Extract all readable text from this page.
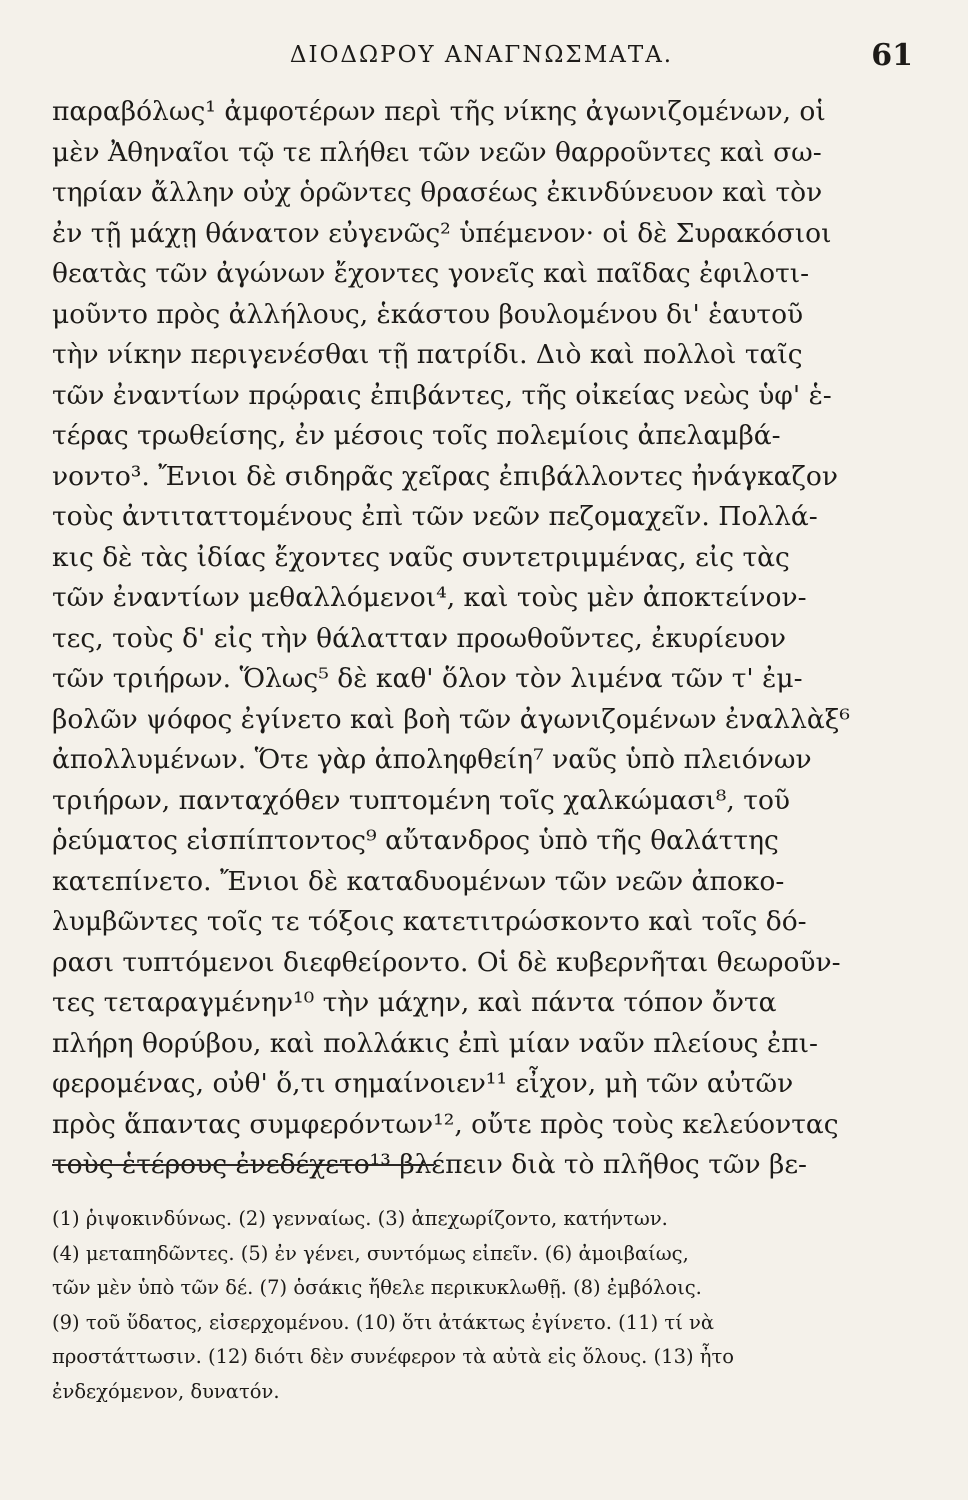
ΔΙΟΔΩΡΟΥ ΑΝΑΓΝΩΣΜΑΤΑ.	61
παραβόλως¹ ἀμφοτέρων περὶ τῆς νίκης ἀγωνιζομένων, οἱ
μὲν Ἀθηναῖοι τῷ τε πλήθει τῶν νεῶν θαρροῦντες καὶ σω-
τηρίαν ἄλλην οὐχ ὁρῶντες θρασέως ἐκινδύνευον καὶ τὸν
ἐν τῇ μάχῃ θάνατον εὐγενῶς² ὑπέμενον· οἱ δὲ Συρακόσιοι
θεατὰς τῶν ἀγώνων ἔχοντες γονεῖς καὶ παῖδας ἐφιλοτι-
μοῦντο πρὸς ἀλλήλους, ἑκάστου βουλομένου δι' ἑαυτοῦ
τὴν νίκην περιγενέσθαι τῇ πατρίδι. Διὸ καὶ πολλοὶ ταῖς
τῶν ἐναντίων πρῴραις ἐπιβάντες, τῆς οἰκείας νεὼς ὑφ' ἑ-
τέρας τρωθείσης, ἐν μέσοις τοῖς πολεμίοις ἀπελαμβά-
νοντο³. Ἔνιοι δὲ σιδηρᾶς χεῖρας ἐπιβάλλοντες ἠνάγκαζον
τοὺς ἀντιταττομένους ἐπὶ τῶν νεῶν πεζομαχεῖν. Πολλά-
κις δὲ τὰς ἰδίας ἔχοντες ναῦς συντετριμμένας, εἰς τὰς
τῶν ἐναντίων μεθαλλόμενοι⁴, καὶ τοὺς μὲν ἀποκτείνον-
τες, τοὺς δ' εἰς τὴν θάλατταν προωθοῦντες, ἐκυρίευον
τῶν τριήρων. Ὅλως⁵ δὲ καθ' ὅλον τὸν λιμένα τῶν τ' ἐμ-
βολῶν ψόφος ἐγίνετο καὶ βοὴ τῶν ἀγωνιζομένων ἐναλλὰξ⁶
ἀπολλυμένων. Ὅτε γὰρ ἀποληφθείη⁷ ναῦς ὑπὸ πλειόνων
τριήρων, πανταχόθεν τυπτομένη τοῖς χαλκώμασι⁸, τοῦ
ῥεύματος εἰσπίπτοντος⁹ αὔτανδρος ὑπὸ τῆς θαλάττης
κατεπίνετο. Ἔνιοι δὲ καταδυομένων τῶν νεῶν ἀποκο-
λυμβῶντες τοῖς τε τόξοις κατετιτρώσκοντο καὶ τοῖς δό-
ρασι τυπτόμενοι διεφθείροντο. Οἱ δὲ κυβερνῆται θεωροῦν-
τες τεταραγμένην¹⁰ τὴν μάχην, καὶ πάντα τόπον ὄντα
πλήρη θορύβου, καὶ πολλάκις ἐπὶ μίαν ναῦν πλείους ἐπι-
φερομένας, οὐθ' ὅ,τι σημαίνοιεν¹¹ εἶχον, μὴ τῶν αὐτῶν
πρὸς ἅπαντας συμφερόντων¹², οὔτε πρὸς τοὺς κελεύοντας
τοὺς ἑτέρους ἐνεδέχετο¹³ βλέπειν διὰ τὸ πλῆθος τῶν βε-
(1) ῥιψοκινδύνως. (2) γενναίως. (3) ἀπεχωρίζοντο, κατήντων.
(4) μεταπηδῶντες. (5) ἐν γένει, συντόμως εἰπεῖν. (6) ἀμοιβαίως,
τῶν μὲν ὑπὸ τῶν δέ. (7) ὁσάκις ἤθελε περικυκλωθῇ. (8) ἐμβόλοις.
(9) τοῦ ὕδατος, εἰσερχομένου. (10) ὅτι ἀτάκτως ἐγίνετο. (11) τί νὰ
προστάττωσιν. (12) διότι δὲν συνέφερον τὰ αὐτὰ εἰς ὅλους. (13) ἦτο
ἐνδεχόμενον, δυνατόν.
